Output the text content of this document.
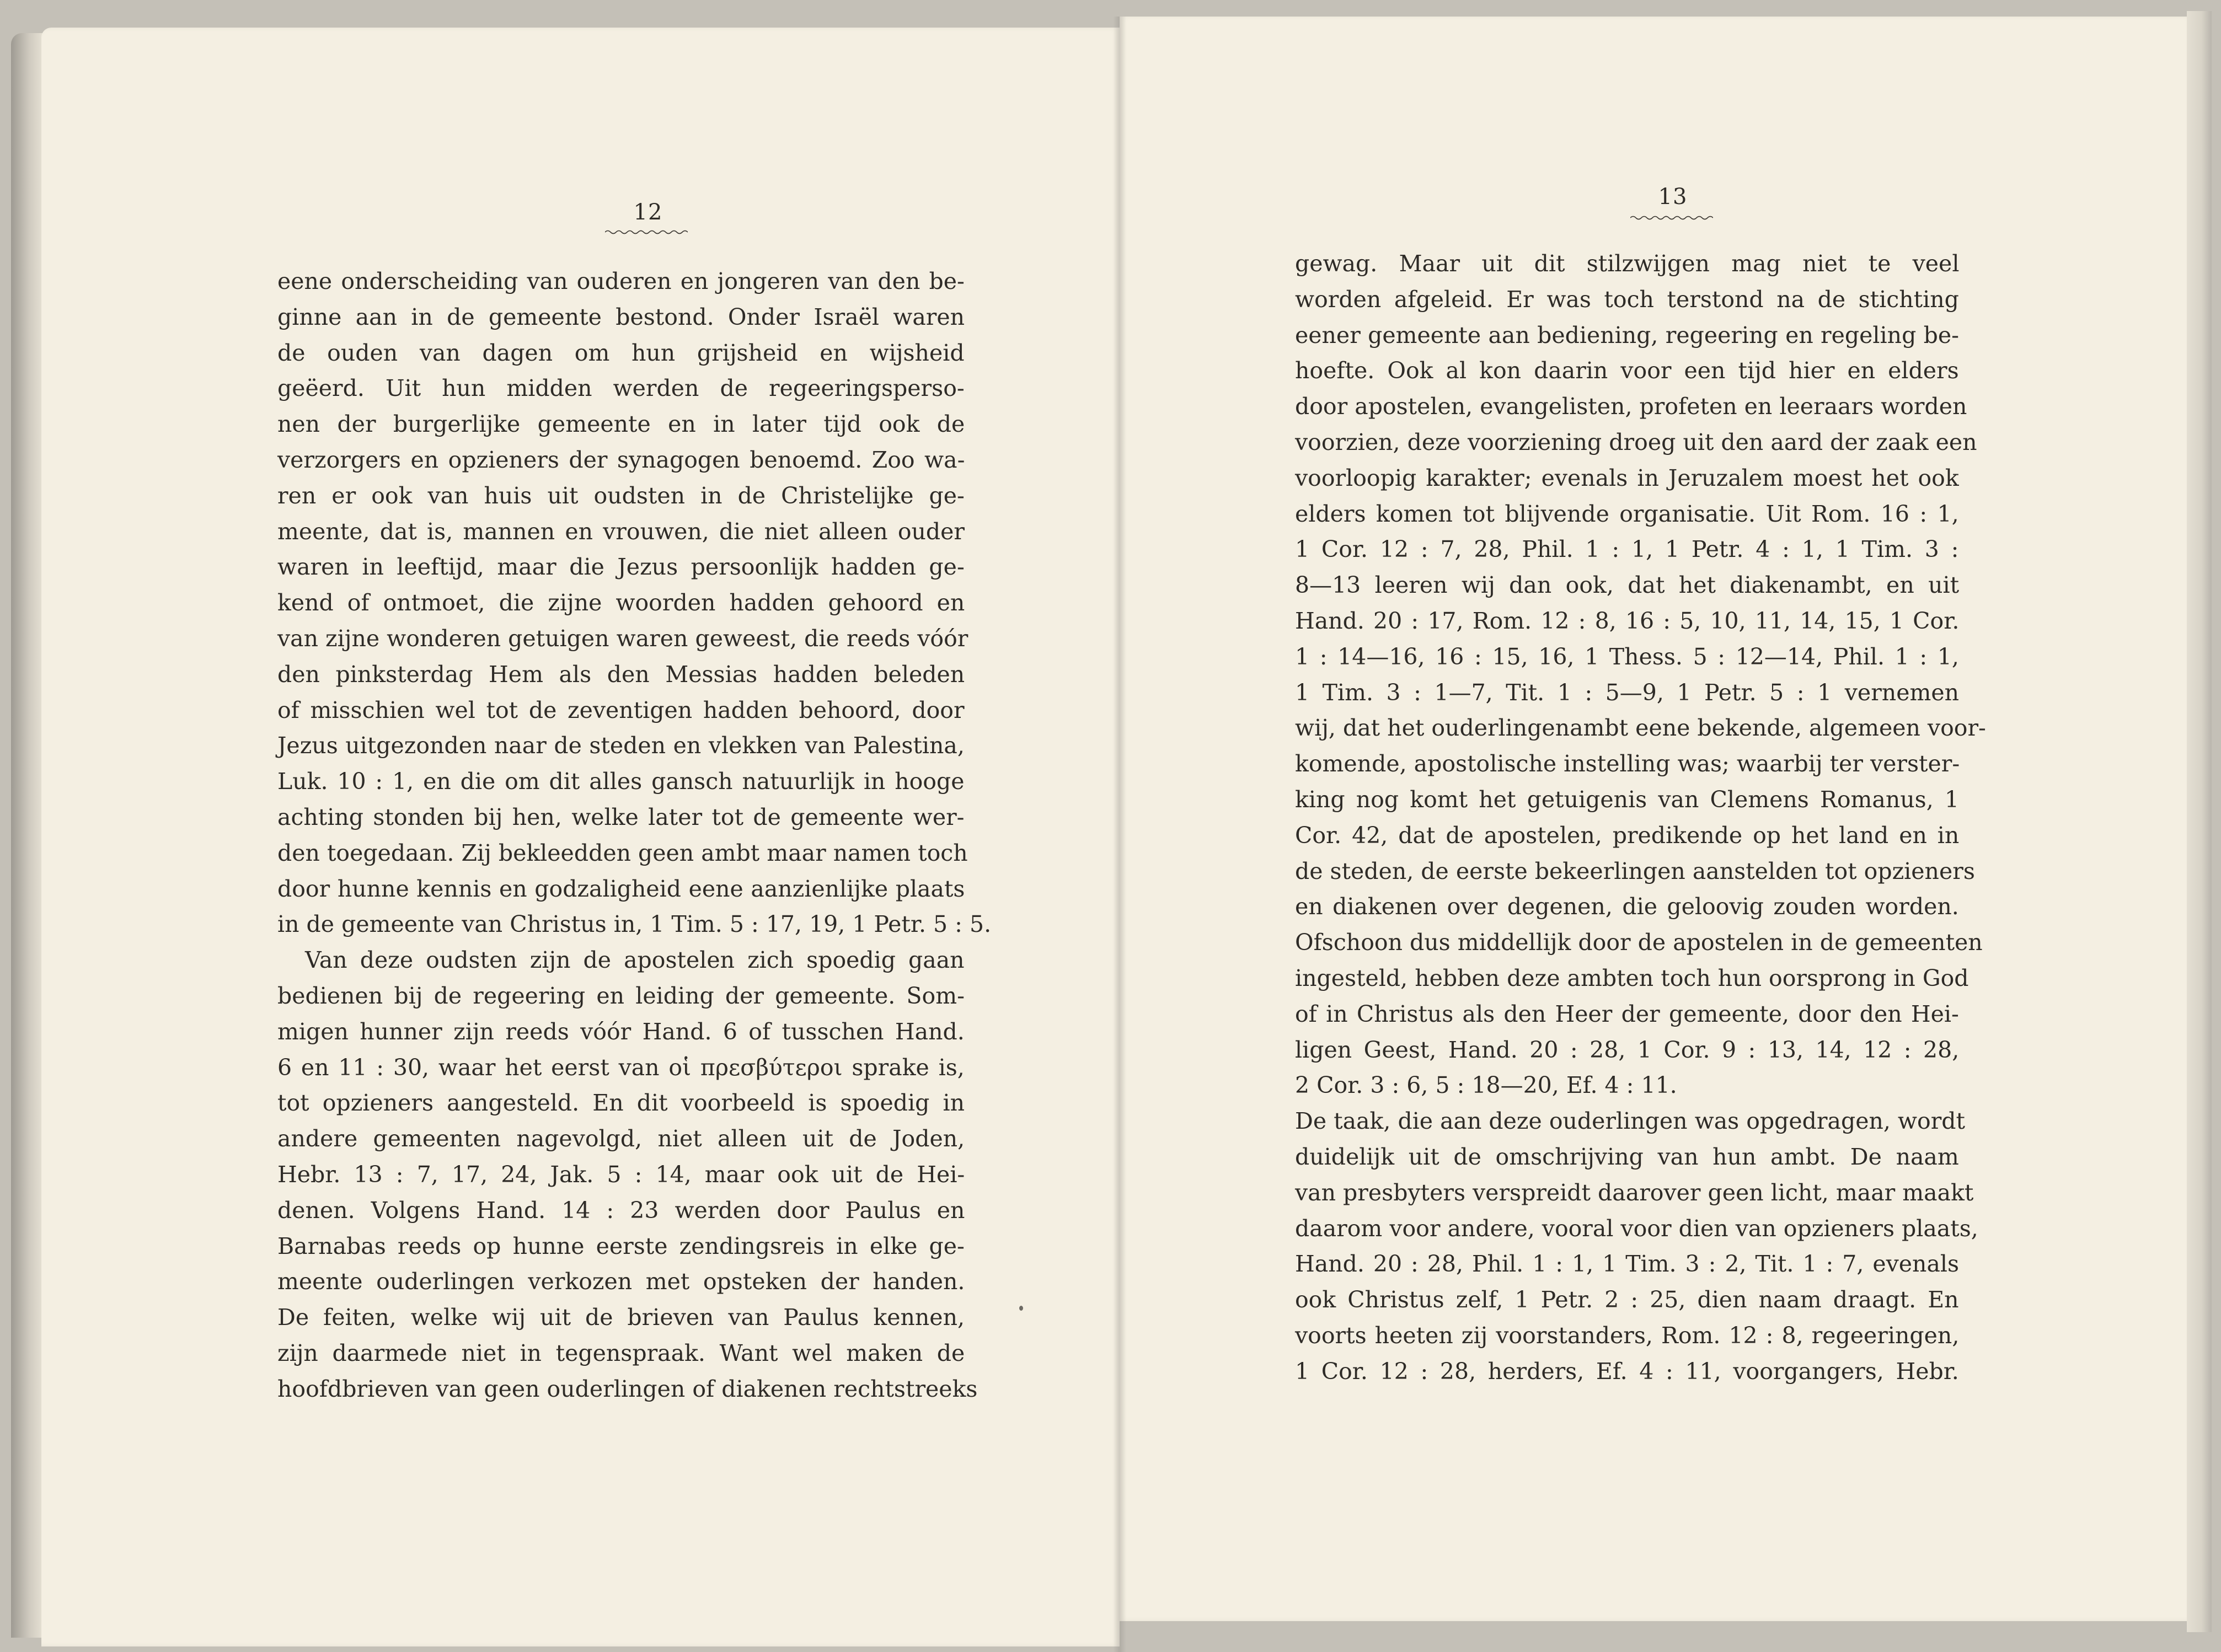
12
eene onderscheiding van ouderen en jongeren van den be-
ginne aan in de gemeente bestond. Onder Israël waren
de ouden van dagen om hun grijsheid en wijsheid
geëerd. Uit hun midden werden de regeeringsperso-
nen der burgerlijke gemeente en in later tijd ook de
verzorgers en opzieners der synagogen benoemd. Zoo wa-
ren er ook van huis uit oudsten in de Christelijke ge-
meente, dat is, mannen en vrouwen, die niet alleen ouder
waren in leeftijd, maar die Jezus persoonlijk hadden ge-
kend of ontmoet, die zijne woorden hadden gehoord en
van zijne wonderen getuigen waren geweest, die reeds vóór
den pinksterdag Hem als den Messias hadden beleden
of misschien wel tot de zeventigen hadden behoord, door
Jezus uitgezonden naar de steden en vlekken van Palestina,
Luk. 10 : 1, en die om dit alles gansch natuurlijk in hooge
achting stonden bij hen, welke later tot de gemeente wer-
den toegedaan. Zij bekleedden geen ambt maar namen toch
door hunne kennis en godzaligheid eene aanzienlijke plaats
in de gemeente van Christus in, 1 Tim. 5 : 17, 19, 1 Petr. 5 : 5.
Van deze oudsten zijn de apostelen zich spoedig gaan
bedienen bij de regeering en leiding der gemeente. Som-
migen hunner zijn reeds vóór Hand. 6 of tusschen Hand.
6 en 11 : 30, waar het eerst van οἱ πρεσβύτεροι sprake is,
tot opzieners aangesteld. En dit voorbeeld is spoedig in
andere gemeenten nagevolgd, niet alleen uit de Joden,
Hebr. 13 : 7, 17, 24, Jak. 5 : 14, maar ook uit de Hei-
denen. Volgens Hand. 14 : 23 werden door Paulus en
Barnabas reeds op hunne eerste zendingsreis in elke ge-
meente ouderlingen verkozen met opsteken der handen.
De feiten, welke wij uit de brieven van Paulus kennen,
zijn daarmede niet in tegenspraak. Want wel maken de
hoofdbrieven van geen ouderlingen of diakenen rechtstreeks
13
gewag. Maar uit dit stilzwijgen mag niet te veel
worden afgeleid. Er was toch terstond na de stichting
eener gemeente aan bediening, regeering en regeling be-
hoefte. Ook al kon daarin voor een tijd hier en elders
door apostelen, evangelisten, profeten en leeraars worden
voorzien, deze voorziening droeg uit den aard der zaak een
voorloopig karakter; evenals in Jeruzalem moest het ook
elders komen tot blijvende organisatie. Uit Rom. 16 : 1,
1 Cor. 12 : 7, 28, Phil. 1 : 1, 1 Petr. 4 : 1, 1 Tim. 3 :
8—13 leeren wij dan ook, dat het diakenambt, en uit
Hand. 20 : 17, Rom. 12 : 8, 16 : 5, 10, 11, 14, 15, 1 Cor.
1 : 14—16, 16 : 15, 16, 1 Thess. 5 : 12—14, Phil. 1 : 1,
1 Tim. 3 : 1—7, Tit. 1 : 5—9, 1 Petr. 5 : 1 vernemen
wij, dat het ouderlingenambt eene bekende, algemeen voor-
komende, apostolische instelling was; waarbij ter verster-
king nog komt het getuigenis van Clemens Romanus, 1
Cor. 42, dat de apostelen, predikende op het land en in
de steden, de eerste bekeerlingen aanstelden tot opzieners
en diakenen over degenen, die geloovig zouden worden.
Ofschoon dus middellijk door de apostelen in de gemeenten
ingesteld, hebben deze ambten toch hun oorsprong in God
of in Christus als den Heer der gemeente, door den Hei-
ligen Geest, Hand. 20 : 28, 1 Cor. 9 : 13, 14, 12 : 28,
2 Cor. 3 : 6, 5 : 18—20, Ef. 4 : 11.
De taak, die aan deze ouderlingen was opgedragen, wordt
duidelijk uit de omschrijving van hun ambt. De naam
van presbyters verspreidt daarover geen licht, maar maakt
daarom voor andere, vooral voor dien van opzieners plaats,
Hand. 20 : 28, Phil. 1 : 1, 1 Tim. 3 : 2, Tit. 1 : 7, evenals
ook Christus zelf, 1 Petr. 2 : 25, dien naam draagt. En
voorts heeten zij voorstanders, Rom. 12 : 8, regeeringen,
1 Cor. 12 : 28, herders, Ef. 4 : 11, voorgangers, Hebr.
